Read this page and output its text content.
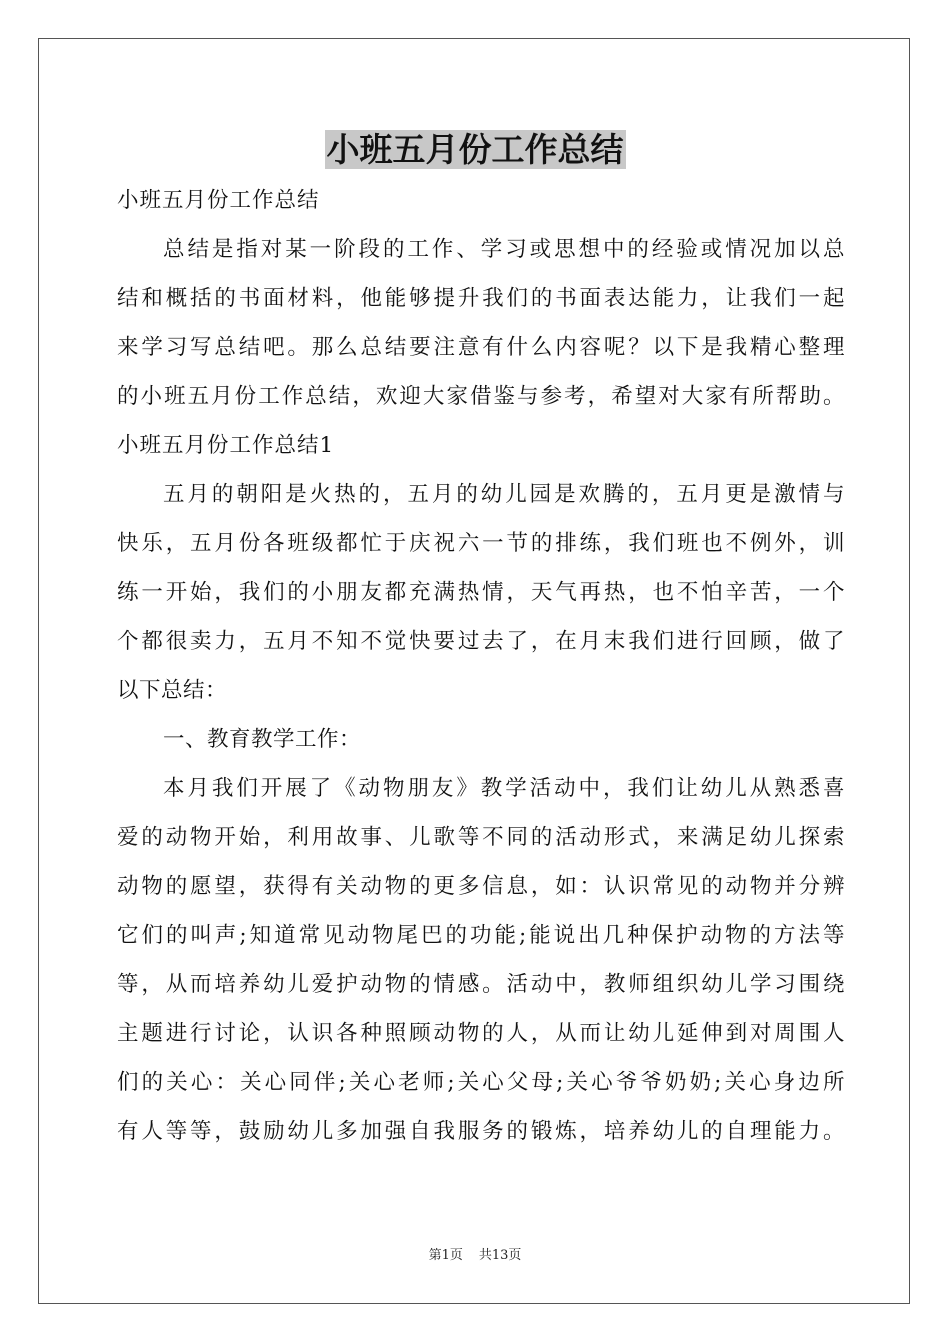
小班五月份工作总结
小班五月份工作总结
总结是指对某一阶段的工作、学习或思想中的经验或情况加以总
结和概括的书面材料，他能够提升我们的书面表达能力，让我们一起
来学习写总结吧。那么总结要注意有什么内容呢？以下是我精心整理
的小班五月份工作总结，欢迎大家借鉴与参考，希望对大家有所帮助。
小班五月份工作总结1
五月的朝阳是火热的，五月的幼儿园是欢腾的，五月更是激情与
快乐，五月份各班级都忙于庆祝六一节的排练，我们班也不例外，训
练一开始，我们的小朋友都充满热情，天气再热，也不怕辛苦，一个
个都很卖力，五月不知不觉快要过去了，在月末我们进行回顾，做了
以下总结：
一、教育教学工作：
本月我们开展了《动物朋友》教学活动中，我们让幼儿从熟悉喜
爱的动物开始，利用故事、儿歌等不同的活动形式，来满足幼儿探索
动物的愿望，获得有关动物的更多信息，如：认识常见的动物并分辨
它们的叫声;知道常见动物尾巴的功能;能说出几种保护动物的方法等
等，从而培养幼儿爱护动物的情感。活动中，教师组织幼儿学习围绕
主题进行讨论，认识各种照顾动物的人，从而让幼儿延伸到对周围人
们的关心：关心同伴;关心老师;关心父母;关心爷爷奶奶;关心身边所
有人等等，鼓励幼儿多加强自我服务的锻炼，培养幼儿的自理能力。
第1页 共13页
